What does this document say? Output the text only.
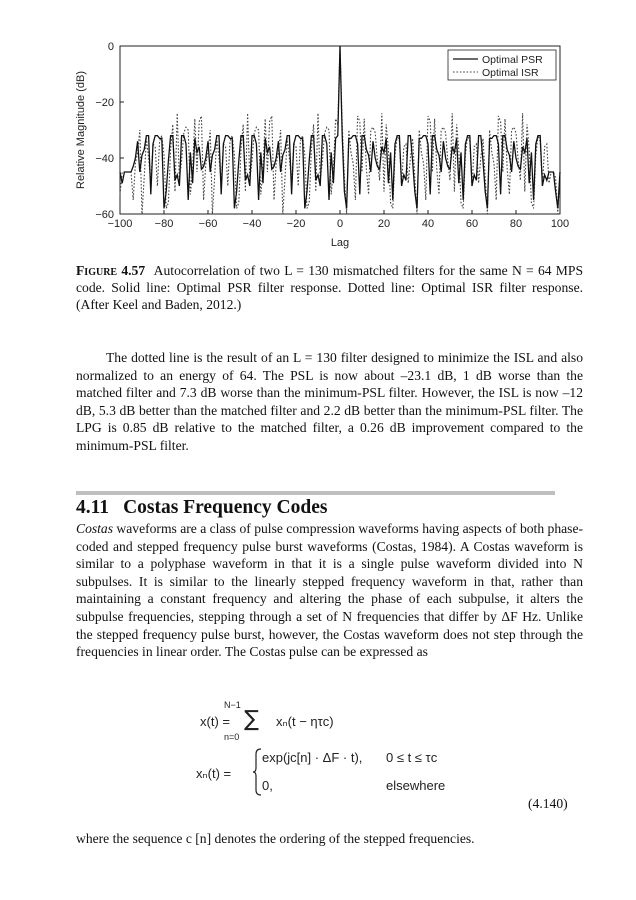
−100 −80 −60 −40 −20	0	20	40	60	80	100
0
−20
−40
−60
Lag
Relative Magnitude (dB)
Optimal PSR
Optimal ISR
Figure 4.57 Autocorrelation of two L = 130 mismatched filters for the same N = 64 MPS code. Solid line: Optimal PSR filter response. Dotted line: Optimal ISR filter response. (After Keel and Baden, 2012.)
The dotted line is the result of an L = 130 filter designed to minimize the ISL and also normalized to an energy of 64. The PSL is now about –23.1 dB, 1 dB worse than the matched filter and 7.3 dB worse than the minimum-PSL filter. However, the ISL is now –12 dB, 5.3 dB better than the matched filter and 2.2 dB better than the minimum-PSL filter. The LPG is 0.85 dB relative to the matched filter, a 0.26 dB improvement compared to the minimum-PSL filter.
4.11 Costas Frequency Codes
Costas waveforms are a class of pulse compression waveforms having aspects of both phase-coded and stepped frequency pulse burst waveforms (Costas, 1984). A Costas waveform is similar to a polyphase waveform in that it is a single pulse waveform divided into N subpulses. It is similar to the linearly stepped frequency waveform in that, rather than maintaining a constant frequency and altering the phase of each subpulse, it alters the subpulse frequencies, stepping through a set of N frequencies that differ by ΔF Hz. Unlike the stepped frequency pulse burst, however, the Costas waveform does not step through the frequencies in linear order. The Costas pulse can be expressed as
N−1
x(t) = ∑ xₙ(t − ητc)
n=0
xₙ(t) =
exp(jc[n] · ΔF · t), 0 ≤ t ≤ τc
0,	elsewhere
(4.140)
where the sequence c [n] denotes the ordering of the stepped frequencies.
